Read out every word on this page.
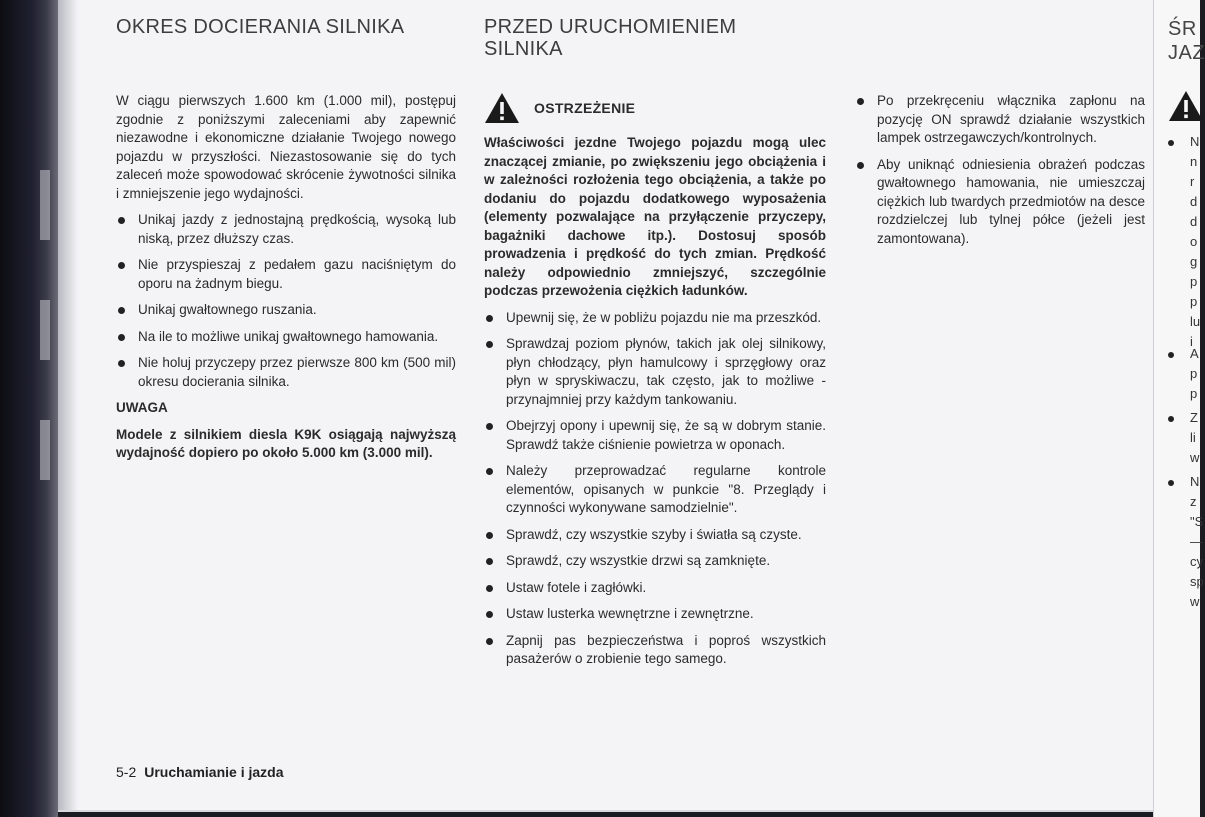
OKRES DOCIERANIA SILNIKA

W ciągu pierwszych 1.600 km (1.000 mil), postępuj zgodnie z poniższymi zaleceniami aby zapewnić niezawodne i ekonomiczne działanie Twojego nowego pojazdu w przyszłości. Niezastosowanie się do tych zaleceń może spowodować skrócenie żywotności silnika i zmniejszenie jego wydajności.

Unikaj jazdy z jednostajną prędkością, wysoką lub niską, przez dłuższy czas.
Nie przyspieszaj z pedałem gazu naciśniętym do oporu na żadnym biegu.
Unikaj gwałtownego ruszania.
Na ile to możliwe unikaj gwałtownego hamowania.
Nie holuj przyczepy przez pierwsze 800 km (500 mil) okresu docierania silnika.

UWAGA

Modele z silnikiem diesla K9K osiągają najwyższą wydajność dopiero po około 5.000 km (3.000 mil).

PRZED URUCHOMIENIEM
SILNIKA
OSTRZEŻENIE

Właściwości jezdne Twojego pojazdu mogą ulec znaczącej zmianie, po zwiększeniu jego obciążenia i w zależności rozłożenia tego obciążenia, a także po dodaniu do pojazdu dodatkowego wyposażenia (elementy pozwalające na przyłączenie przyczepy, bagażniki dachowe itp.). Dostosuj sposób prowadzenia i prędkość do tych zmian. Prędkość należy odpowiednio zmniejszyć, szczególnie podczas przewożenia ciężkich ładunków.

Upewnij się, że w pobliżu pojazdu nie ma przeszkód.
Sprawdzaj poziom płynów, takich jak olej silnikowy, płyn chłodzący, płyn hamulcowy i sprzęgłowy oraz płyn w spryskiwaczu, tak często, jak to możliwe - przynajmniej przy każdym tankowaniu.
Obejrzyj opony i upewnij się, że są w dobrym stanie. Sprawdź także ciśnienie powietrza w oponach.
Należy przeprowadzać regularne kontrole elementów, opisanych w punkcie "8. Przeglądy i czynności wykonywane samodzielnie".
Sprawdź, czy wszystkie szyby i światła są czyste.
Sprawdź, czy wszystkie drzwi są zamknięte.
Ustaw fotele i zagłówki.
Ustaw lusterka wewnętrzne i zewnętrzne.
Zapnij pas bezpieczeństwa i poproś wszystkich pasażerów o zrobienie tego samego.
Po przekręceniu włącznika zapłonu na pozycję ON sprawdź działanie wszystkich lampek ostrzegawczych/kontrolnych.
Aby uniknąć odniesienia obrażeń podczas gwałtownego hamowania, nie umieszczaj ciężkich lub twardych przedmiotów na desce rozdzielczej lub tylnej półce (jeżeli jest zamontowana).
ŚR
JAZ
N
n
r
d
d
o
g
p
p
lu
i
A
p
p
Z
li
w
N
z
"S
—
cy
sp
w
5-2 Uruchamianie i jazda
